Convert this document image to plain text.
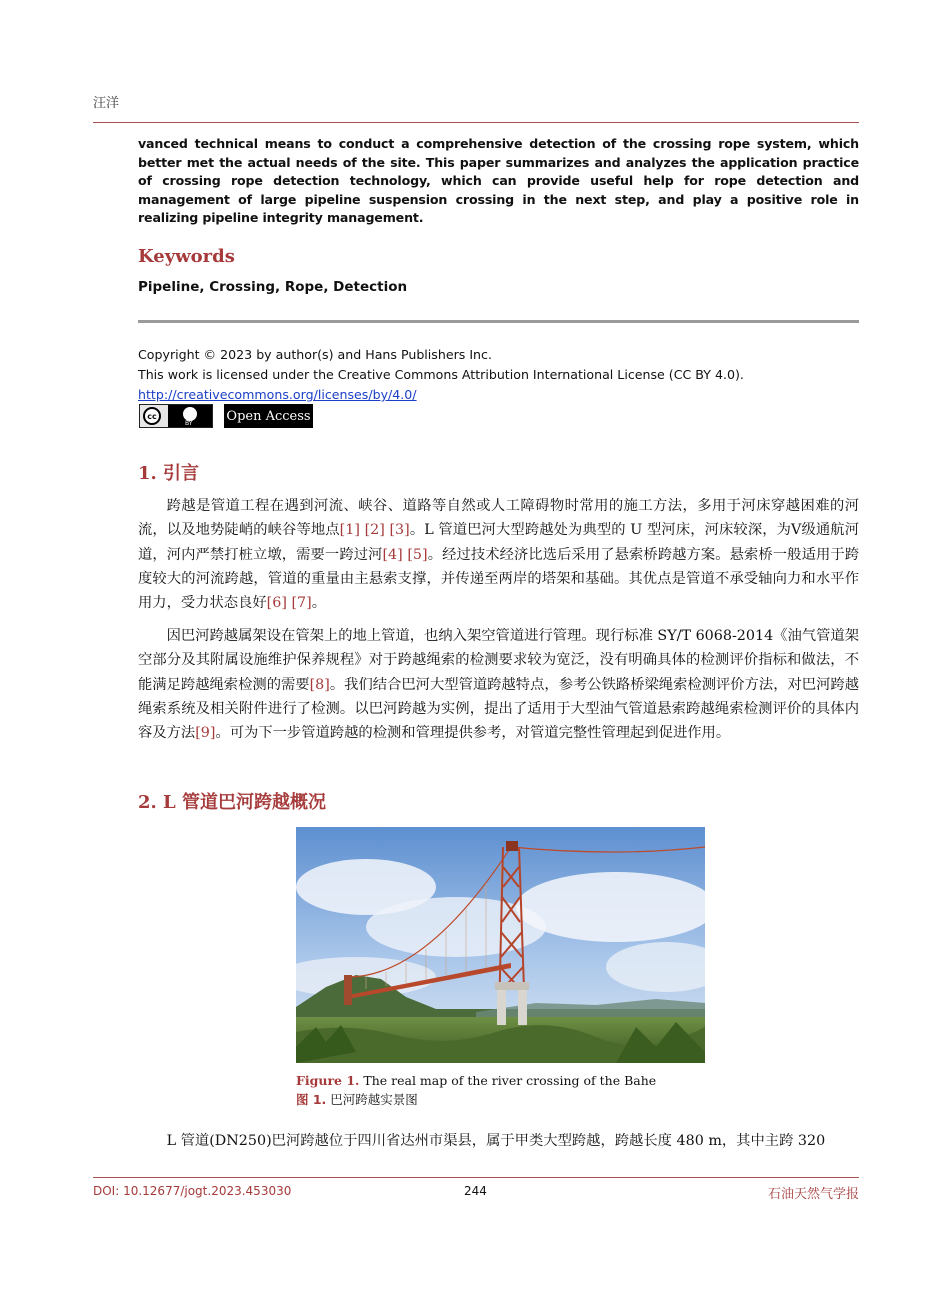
汪洋
vanced technical means to conduct a comprehensive detection of the crossing rope system, which better met the actual needs of the site. This paper summarizes and analyzes the application practice of crossing rope detection technology, which can provide useful help for rope detection and management of large pipeline suspension crossing in the next step, and play a positive role in realizing pipeline integrity management.
Keywords
Pipeline, Crossing, Rope, Detection
Copyright © 2023 by author(s) and Hans Publishers Inc.
This work is licensed under the Creative Commons Attribution International License (CC BY 4.0).
http://creativecommons.org/licenses/by/4.0/
cc
BY	Open Access
1. 引言
跨越是管道工程在遇到河流、峡谷、道路等自然或人工障碍物时常用的施工方法，多用于河床穿越困难的河流，以及地势陡峭的峡谷等地点[1] [2] [3]。L 管道巴河大型跨越处为典型的 U 型河床，河床较深，为Ⅴ级通航河道，河内严禁打桩立墩，需要一跨过河[4] [5]。经过技术经济比选后采用了悬索桥跨越方案。悬索桥一般适用于跨度较大的河流跨越，管道的重量由主悬索支撑，并传递至两岸的塔架和基础。其优点是管道不承受轴向力和水平作用力，受力状态良好[6] [7]。
因巴河跨越属架设在管架上的地上管道，也纳入架空管道进行管理。现行标准 SY/T 6068-2014《油气管道架空部分及其附属设施维护保养规程》对于跨越绳索的检测要求较为宽泛，没有明确具体的检测评价指标和做法，不能满足跨越绳索检测的需要[8]。我们结合巴河大型管道跨越特点，参考公铁路桥梁绳索检测评价方法，对巴河跨越绳索系统及相关附件进行了检测。以巴河跨越为实例，提出了适用于大型油气管道悬索跨越绳索检测评价的具体内容及方法[9]。可为下一步管道跨越的检测和管理提供参考，对管道完整性管理起到促进作用。
2. L 管道巴河跨越概况
Figure 1. The real map of the river crossing of the Bahe
图 1. 巴河跨越实景图
L 管道(DN250)巴河跨越位于四川省达州市渠县，属于甲类大型跨越，跨越长度 480 m，其中主跨 320
DOI: 10.12677/jogt.2023.453030	244	石油天然气学报
